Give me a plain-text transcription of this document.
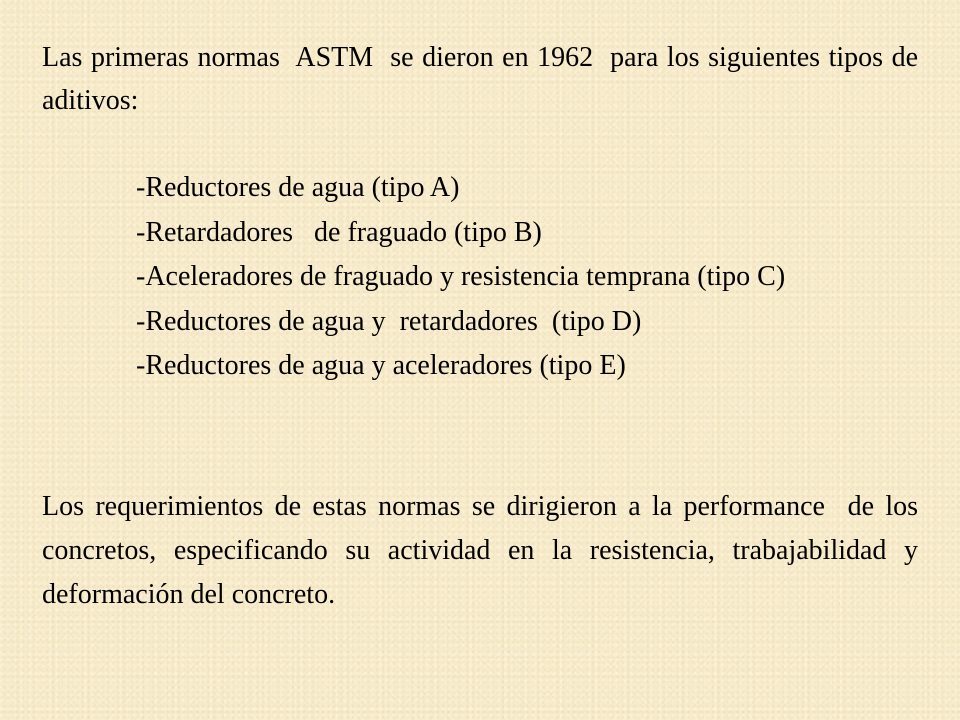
Las primeras normas  ASTM  se dieron en 1962  para los siguientes tipos de aditivos:

-Reductores de agua (tipo A)
-Retardadores   de fraguado (tipo B)
-Aceleradores de fraguado y resistencia temprana (tipo C)
-Reductores de agua y  retardadores  (tipo D)
-Reductores de agua y aceleradores (tipo E)

Los requerimientos de estas normas se dirigieron a la performance  de los concretos, especificando su actividad en la resistencia, trabajabilidad y deformación del concreto.
